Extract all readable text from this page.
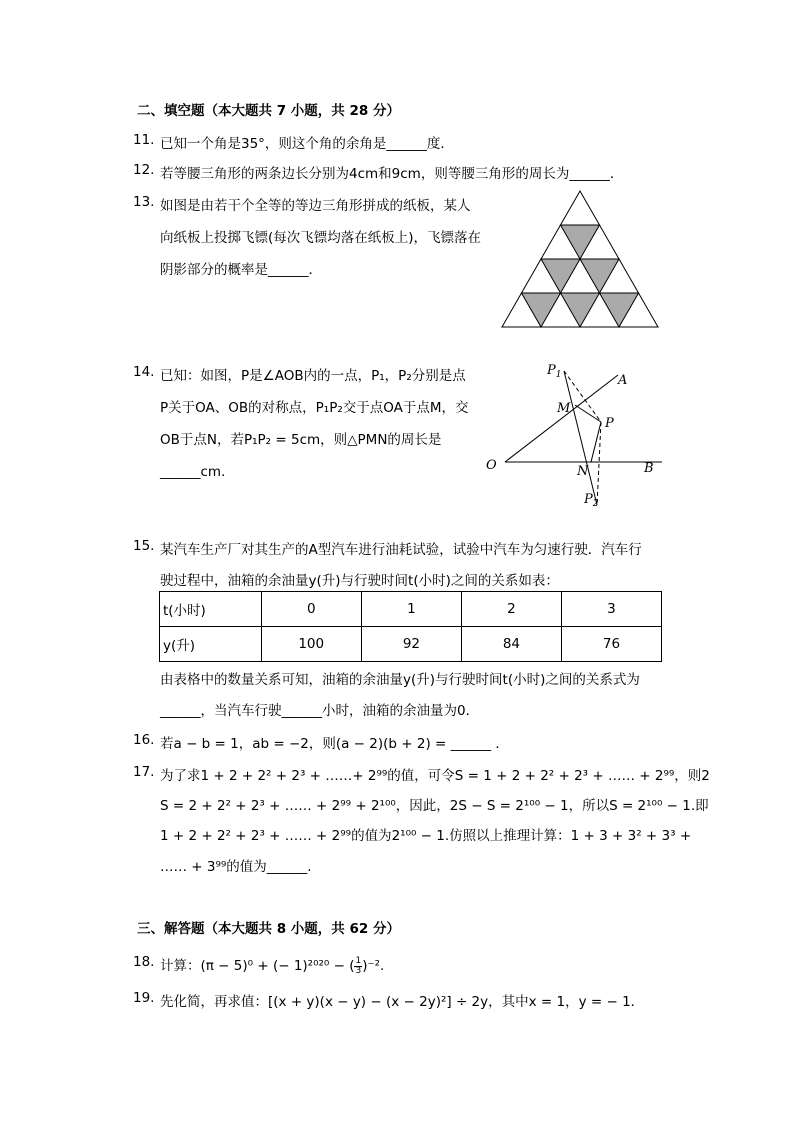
二、填空题（本大题共 7 小题，共 28 分）
11. 已知一个角是35°，则这个角的余角是______度．
12. 若等腰三角形的两条边长分别为4cm和9cm，则等腰三角形的周长为______．
13. 如图是由若干个全等的等边三角形拼成的纸板，某人
向纸板上投掷飞镖(每次飞镖均落在纸板上)，飞镖落在
阴影部分的概率是______．
14. 已知：如图，P是∠AOB内的一点，P₁，P₂分别是点
P关于OA、OB的对称点，P₁P₂交于点OA于点M，交
OB于点N，若P₁P₂ = 5cm，则△PMN的周长是
______cm．	O
A
B
P
M
N
$P_1$
$P_2$
15. 某汽车生产厂对其生产的A型汽车进行油耗试验，试验中汽车为匀速行驶．汽车行
驶过程中，油箱的余油量y(升)与行驶时间t(小时)之间的关系如表：
t(小时)	0	1	2	3
y(升)	100	92	84	76
由表格中的数量关系可知，油箱的余油量y(升)与行驶时间t(小时)之间的关系式为
______，当汽车行驶______小时，油箱的余油量为0．
16. 若a − b = 1，ab = −2，则(a − 2)(b + 2) = ______ ．
17. 为了求1 + 2 + 2² + 2³ + ……+ 2⁹⁹的值，可令S = 1 + 2 + 2² + 2³ + …… + 2⁹⁹，则2
S = 2 + 2² + 2³ + …… + 2⁹⁹ + 2¹⁰⁰，因此，2S − S = 2¹⁰⁰ − 1，所以S = 2¹⁰⁰ − 1.即
1 + 2 + 2² + 2³ + …… + 2⁹⁹的值为2¹⁰⁰ − 1.仿照以上推理计算：1 + 3 + 3² + 3³ +
…… + 3⁹⁹的值为______.
三、解答题（本大题共 8 小题，共 62 分）
18. 计算：(π − 5)⁰ + (− 1)²⁰²⁰ − ( $\frac{1}{3} )^{-2}$.
19. 先化简，再求值：[(x + y)(x − y) − (x − 2y)²] ÷ 2y，其中x = 1，y = − 1．
